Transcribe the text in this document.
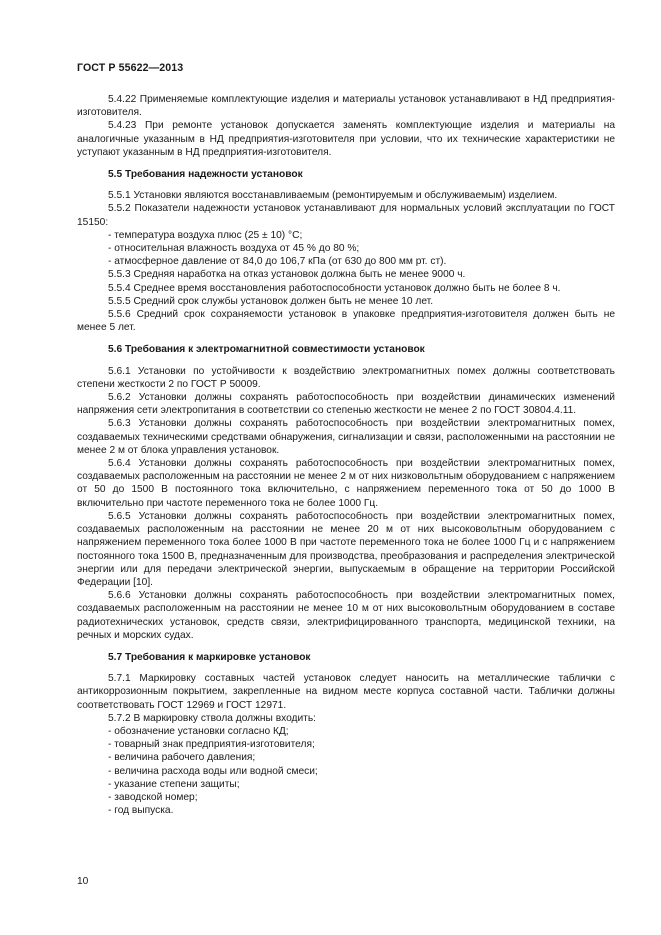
ГОСТ Р 55622—2013
5.4.22 Применяемые комплектующие изделия и материалы установок устанавливают в НД предприятия-изготовителя.
5.4.23 При ремонте установок допускается заменять комплектующие изделия и материалы на аналогичные указанным в НД предприятия-изготовителя при условии, что их технические характеристики не уступают указанным в НД предприятия-изготовителя.
5.5 Требования надежности установок
5.5.1 Установки являются восстанавливаемым (ремонтируемым и обслуживаемым) изделием.
5.5.2 Показатели надежности установок устанавливают для нормальных условий эксплуатации по ГОСТ 15150:
- температура воздуха плюс (25 ± 10) °С;
- относительная влажность воздуха от 45 % до 80 %;
- атмосферное давление от 84,0 до 106,7 кПа (от 630 до 800 мм рт. ст).
5.5.3 Средняя наработка на отказ установок должна быть не менее 9000 ч.
5.5.4 Среднее время восстановления работоспособности установок должно быть не более 8 ч.
5.5.5 Средний срок службы установок должен быть не менее 10 лет.
5.5.6 Средний срок сохраняемости установок в упаковке предприятия-изготовителя должен быть не менее 5 лет.
5.6 Требования к электромагнитной совместимости установок
5.6.1 Установки по устойчивости к воздействию электромагнитных помех должны соответствовать степени жесткости 2 по ГОСТ Р 50009.
5.6.2 Установки должны сохранять работоспособность при воздействии динамических изменений напряжения сети электропитания в соответствии со степенью жесткости не менее 2 по ГОСТ 30804.4.11.
5.6.3 Установки должны сохранять работоспособность при воздействии электромагнитных помех, создаваемых техническими средствами обнаружения, сигнализации и связи, расположенными на расстоянии не менее 2 м от блока управления установок.
5.6.4 Установки должны сохранять работоспособность при воздействии электромагнитных помех, создаваемых расположенным на расстоянии не менее 2 м от них низковольтным оборудованием с напряжением от 50 до 1500 В постоянного тока включительно, с напряжением переменного тока от 50 до 1000 В включительно при частоте переменного тока не более 1000 Гц.
5.6.5 Установки должны сохранять работоспособность при воздействии электромагнитных помех, создаваемых расположенным на расстоянии не менее 20 м от них высоковольтным оборудованием с напряжением переменного тока более 1000 В при частоте переменного тока не более 1000 Гц и с напряжением постоянного тока 1500 В, предназначенным для производства, преобразования и распределения электрической энергии или для передачи электрической энергии, выпускаемым в обращение на территории Российской Федерации [10].
5.6.6 Установки должны сохранять работоспособность при воздействии электромагнитных помех, создаваемых расположенным на расстоянии не менее 10 м от них высоковольтным оборудованием в составе радиотехнических установок, средств связи, электрифицированного транспорта, медицинской техники, на речных и морских судах.
5.7 Требования к маркировке установок
5.7.1 Маркировку составных частей установок следует наносить на металлические таблички с антикоррозионным покрытием, закрепленные на видном месте корпуса составной части. Таблички должны соответствовать ГОСТ 12969 и ГОСТ 12971.
5.7.2 В маркировку ствола должны входить:
- обозначение установки согласно КД;
- товарный знак предприятия-изготовителя;
- величина рабочего давления;
- величина расхода воды или водной смеси;
- указание степени защиты;
- заводской номер;
- год выпуска.
10
